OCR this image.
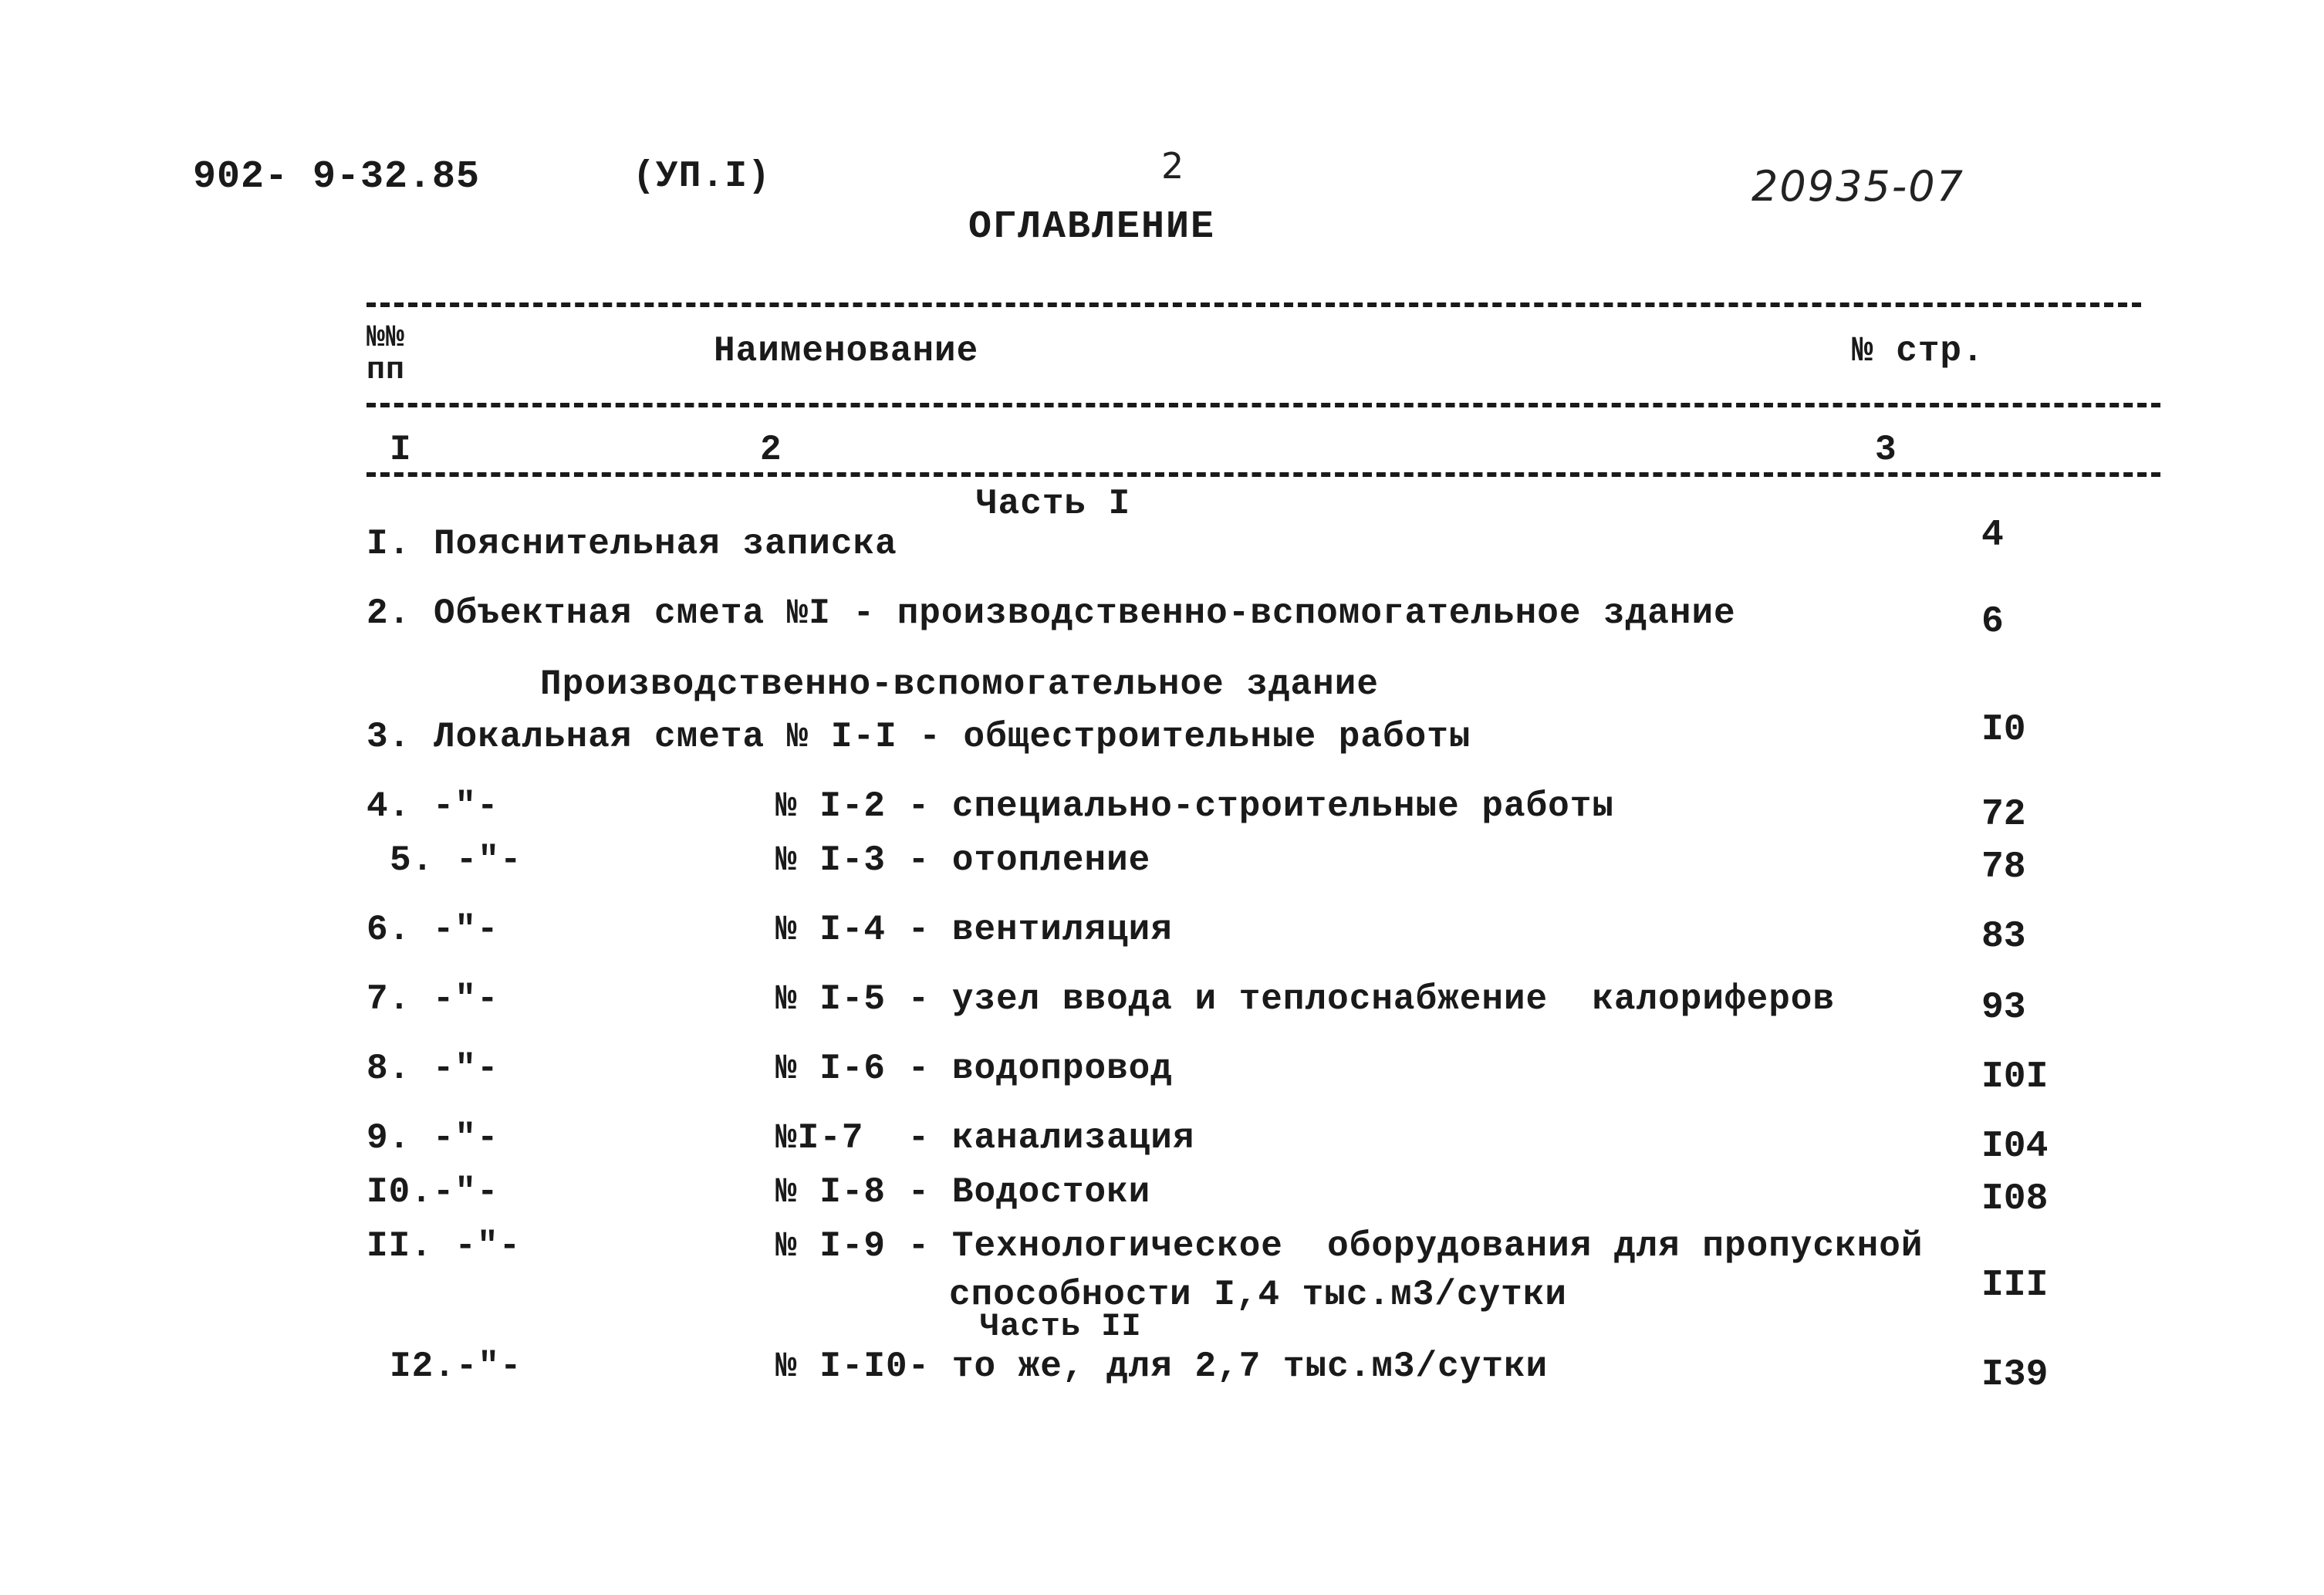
902- 9-32.85	(УП.I)	2	20935-07
ОГЛАВЛЕНИЕ
№№
пп	Наименование	№ стр.
I	2	3
Часть I
I. Пояснительная записка	4
2. Объектная смета №I - производственно-вспомогательное здание	6
Производственно-вспомогательное здание
3. Локальная смета № I-I - общестроительные работы	I0
4. -"-	№ I-2 - специально-строительные работы	72
5. -"-	№ I-3 - отопление	78
6. -"-	№ I-4 - вентиляция	83
7. -"-	№ I-5 - узел ввода и теплоснабжение  калориферов	93
8. -"-	№ I-6 - водопровод	I0I
9. -"-	№I-7  - канализация	I04
I0.-"-	№ I-8 - Водостоки	I08
II. -"-	№ I-9 - Технологическое  оборудования для пропускной
способности I,4 тыс.м3/сутки	III
Часть II
I2.-"-	№ I-I0- то же, для 2,7 тыс.м3/сутки	I39
